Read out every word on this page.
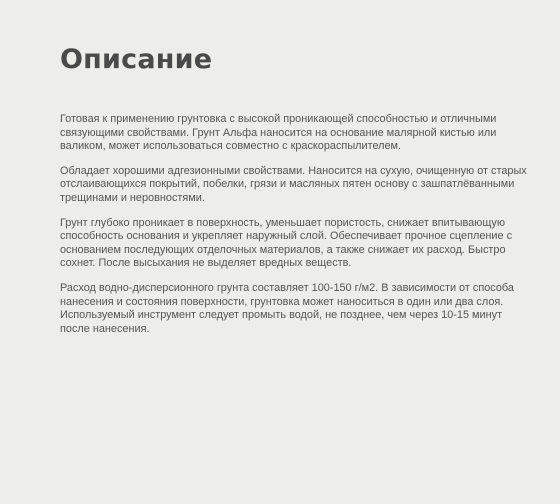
Описание

Готовая к применению грунтовка с высокой проникающей способностью и отличными связующими свойствами. Грунт Альфа наносится на основание малярной кистью или валиком, может использоваться совместно с краскораспылителем.

Обладает хорошими адгезионными свойствами. Наносится на сухую, очищенную от старых отслаивающихся покрытий, побелки, грязи и масляных пятен основу с зашпатлёванными трещинами и неровностями.

Грунт глубоко проникает в поверхность, уменьшает пористость, снижает впитывающую способность основания и укрепляет наружный слой. Обеспечивает прочное сцепление с основанием последующих отделочных материалов, а также снижает их расход. Быстро сохнет. После высыхания не выделяет вредных веществ.

Расход водно-дисперсионного грунта составляет 100-150 г/м2. В зависимости от способа нанесения и состояния поверхности, грунтовка может наноситься в один или два слоя. Используемый инструмент следует промыть водой, не позднее, чем через 10-15 минут после нанесения.
